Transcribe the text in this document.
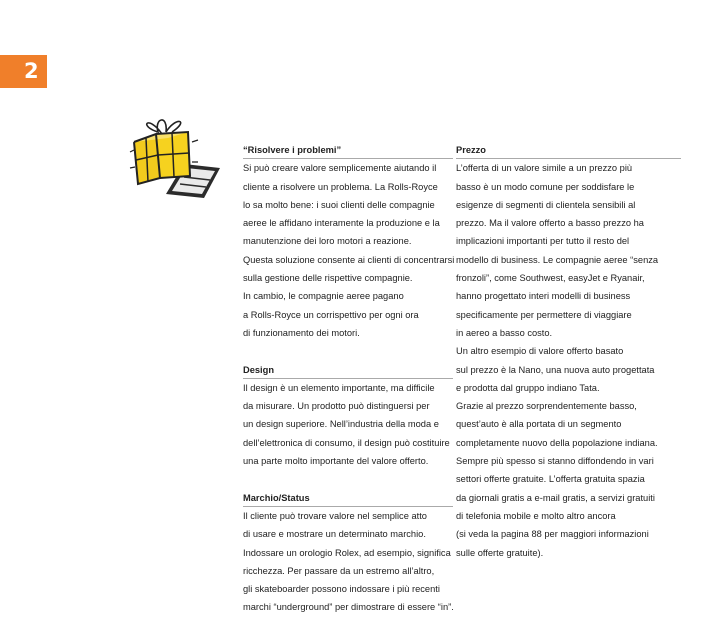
2
“Risolvere i problemi”

Si può creare valore semplicemente aiutando il

cliente a risolvere un problema. La Rolls-Royce

lo sa molto bene: i suoi clienti delle compagnie

aeree le affidano interamente la produzione e la

manutenzione dei loro motori a reazione.

Questa soluzione consente ai clienti di concentrarsi

sulla gestione delle rispettive compagnie.

In cambio, le compagnie aeree pagano

a Rolls-Royce un corrispettivo per ogni ora

di funzionamento dei motori.

Design

Il design è un elemento importante, ma difficile

da misurare. Un prodotto può distinguersi per

un design superiore. Nell’industria della moda e

dell’elettronica di consumo, il design può costituire

una parte molto importante del valore offerto.

Marchio/Status

Il cliente può trovare valore nel semplice atto

di usare e mostrare un determinato marchio.

Indossare un orologio Rolex, ad esempio, significa

ricchezza. Per passare da un estremo all’altro,

gli skateboarder possono indossare i più recenti

marchi “underground” per dimostrare di essere “in”.

Prezzo

L’offerta di un valore simile a un prezzo più

basso è un modo comune per soddisfare le

esigenze di segmenti di clientela sensibili al

prezzo. Ma il valore offerto a basso prezzo ha

implicazioni importanti per tutto il resto del

modello di business. Le compagnie aeree “senza

fronzoli”, come Southwest, easyJet e Ryanair,

hanno progettato interi modelli di business

specificamente per permettere di viaggiare

in aereo a basso costo.

Un altro esempio di valore offerto basato

sul prezzo è la Nano, una nuova auto progettata

e prodotta dal gruppo indiano Tata.

Grazie al prezzo sorprendentemente basso,

quest’auto è alla portata di un segmento

completamente nuovo della popolazione indiana.

Sempre più spesso si stanno diffondendo in vari

settori offerte gratuite. L’offerta gratuita spazia

da giornali gratis a e-mail gratis, a servizi gratuiti

di telefonia mobile e molto altro ancora

(si veda la pagina 88 per maggiori informazioni

sulle offerte gratuite).
